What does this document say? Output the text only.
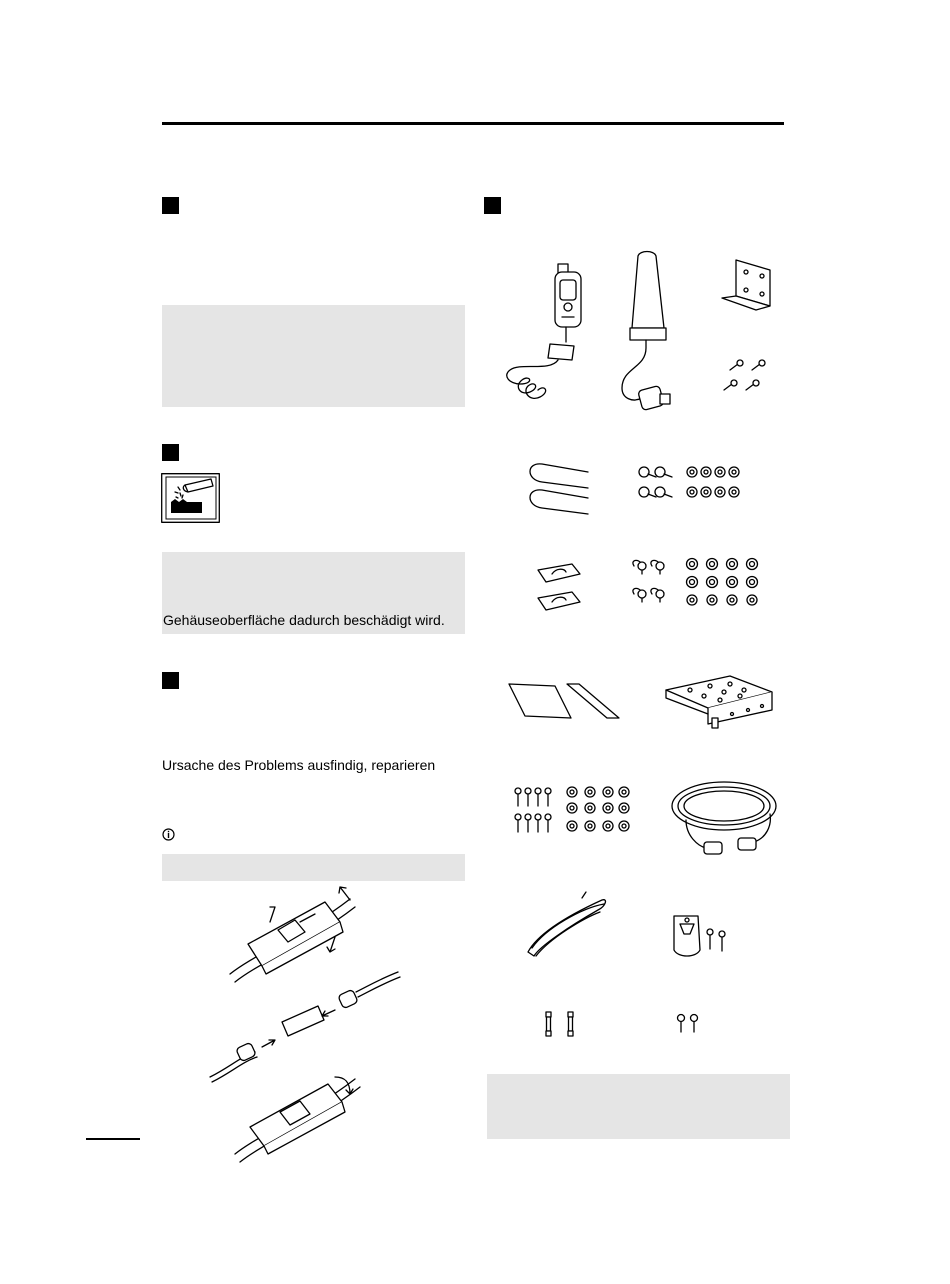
Gehäuseoberfläche dadurch beschädigt wird.
Ursache des Problems ausfindig, reparieren
